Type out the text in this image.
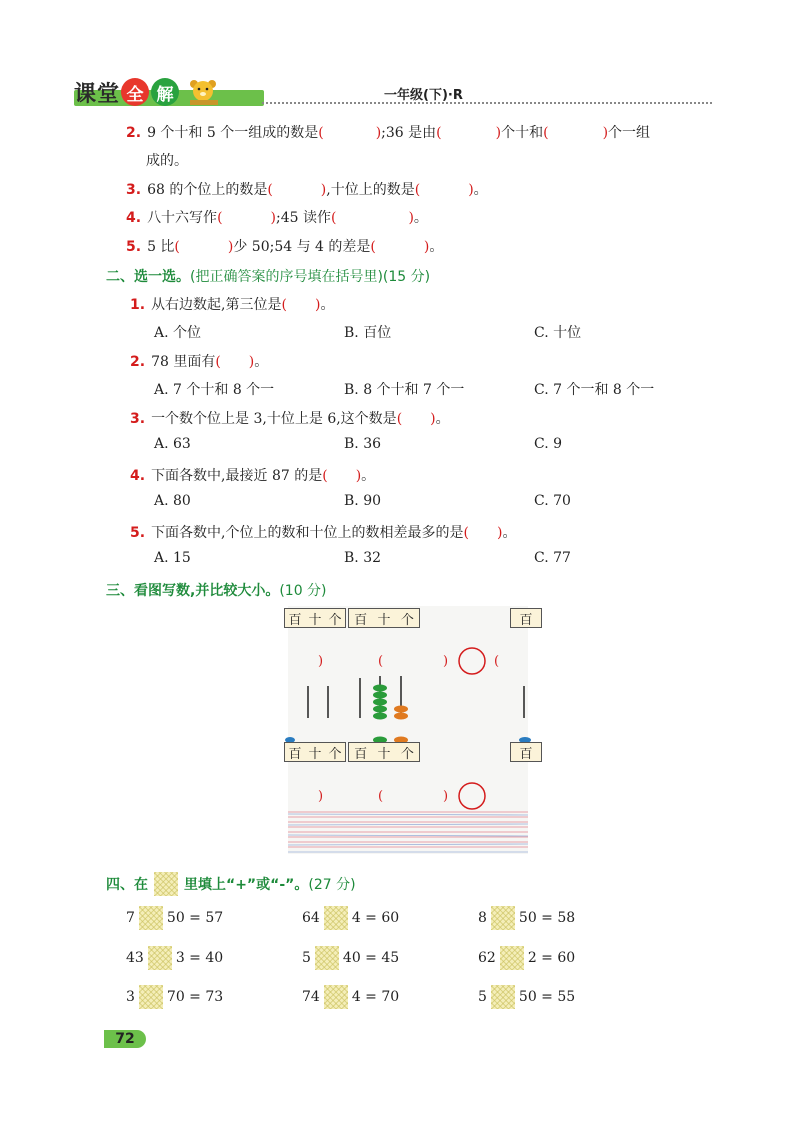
课 堂 全 解	一年级(下)·R
2. 9 个十和 5 个一组成的数是(	);36 是由(	)个十和(	)个一组
成的。
3. 68 的个位上的数是(	),十位上的数是(	)。
4. 八十六写作(	);45 读作(	)。
5. 5 比(	)少 50;54 与 4 的差是(	)。
二、选一选。(把正确答案的序号填在括号里)(15 分)
1. 从右边数起,第三位是( )。
A. 个位	B. 百位	C. 十位
2. 78 里面有( )。
A. 7 个十和 8 个一	B. 8 个十和 7 个一	C. 7 个一和 8 个一
3. 一个数个位上是 3,十位上是 6,这个数是( )。
A. 63	B. 36	C. 9
4. 下面各数中,最接近 87 的是( )。
A. 80	B. 90	C. 70
5. 下面各数中,个位上的数和十位上的数相差最多的是( )。
A. 15	B. 32	C. 77
三、看图写数,并比较大小。(10 分)
百 十 个 百 十 个	百
)	(	)	(
)	(	)
百 十 个 百 十 个	百
四、在	里填上“+”或“-”。 (27 分)
7 50 = 57	64 4 = 60	8 50 = 58
43 3 = 40	5 40 = 45	62 2 = 60
3 70 = 73	74 4 = 70	5 50 = 55
72
